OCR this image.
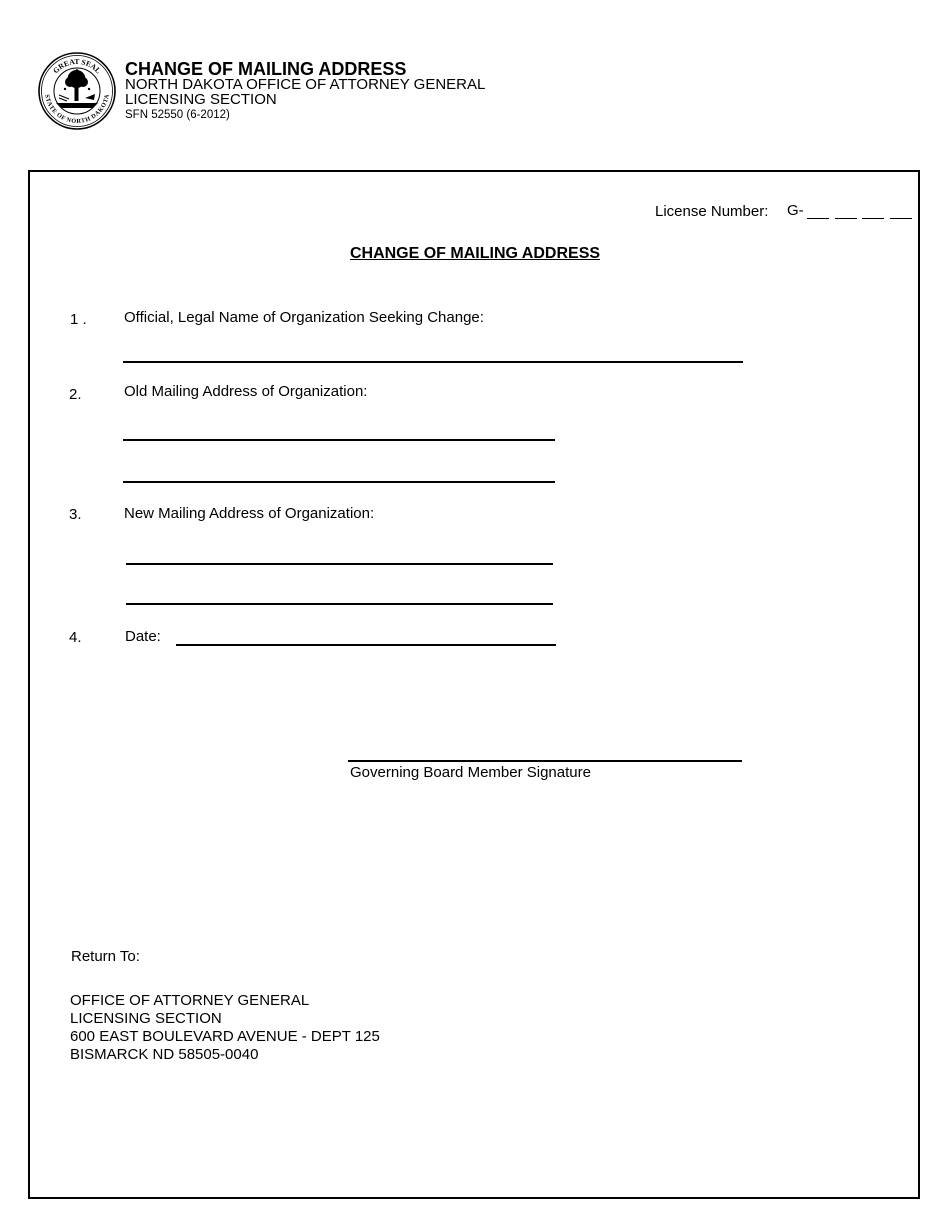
GREAT SEAL
STATE OF NORTH DAKOTA
CHANGE OF MAILING ADDRESS
NORTH DAKOTA OFFICE OF ATTORNEY GENERAL
LICENSING SECTION
SFN 52550 (6-2012)
License Number: G-
CHANGE OF MAILING ADDRESS
1 . Official, Legal Name of Organization Seeking Change:
2.	Old Mailing Address of Organization:
3.	New Mailing Address of Organization:
4.	Date:
Governing Board Member Signature
Return To:
OFFICE OF ATTORNEY GENERAL
LICENSING SECTION
600 EAST BOULEVARD AVENUE - DEPT 125
BISMARCK ND 58505-0040
